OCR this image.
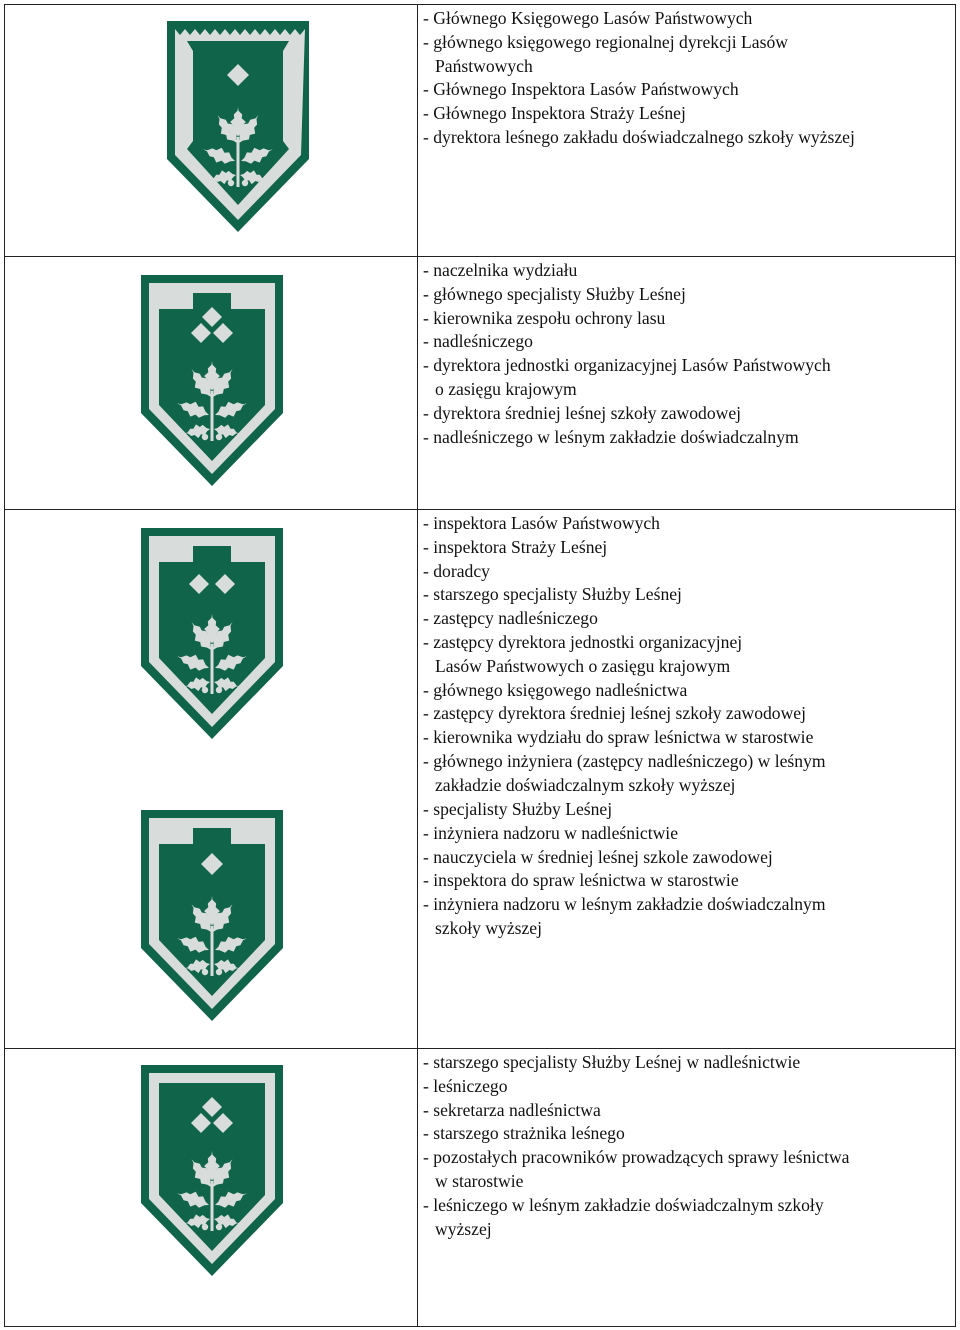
- Głównego Księgowego Lasów Państwowych
- głównego księgowego regionalnej dyrekcji Lasów
Państwowych
- Głównego Inspektora Lasów Państwowych
- Głównego Inspektora Straży Leśnej
- dyrektora leśnego zakładu doświadczalnego szkoły wyższej
- naczelnika wydziału
- głównego specjalisty Służby Leśnej
- kierownika zespołu ochrony lasu
- nadleśniczego
- dyrektora jednostki organizacyjnej Lasów Państwowych
o zasięgu krajowym
- dyrektora średniej leśnej szkoły zawodowej
- nadleśniczego w leśnym zakładzie doświadczalnym
- inspektora Lasów Państwowych
- inspektora Straży Leśnej
- doradcy
- starszego specjalisty Służby Leśnej
- zastępcy nadleśniczego
- zastępcy dyrektora jednostki organizacyjnej
Lasów Państwowych o zasięgu krajowym
- głównego księgowego nadleśnictwa
- zastępcy dyrektora średniej leśnej szkoły zawodowej
- kierownika wydziału do spraw leśnictwa w starostwie
- głównego inżyniera (zastępcy nadleśniczego) w leśnym
zakładzie doświadczalnym szkoły wyższej
- specjalisty Służby Leśnej
- inżyniera nadzoru w nadleśnictwie
- nauczyciela w średniej leśnej szkole zawodowej
- inspektora do spraw leśnictwa w starostwie
- inżyniera nadzoru w leśnym zakładzie doświadczalnym
szkoły wyższej
- starszego specjalisty Służby Leśnej w nadleśnictwie
- leśniczego
- sekretarza nadleśnictwa
- starszego strażnika leśnego
- pozostałych pracowników prowadzących sprawy leśnictwa
w starostwie
- leśniczego w leśnym zakładzie doświadczalnym szkoły
wyższej
